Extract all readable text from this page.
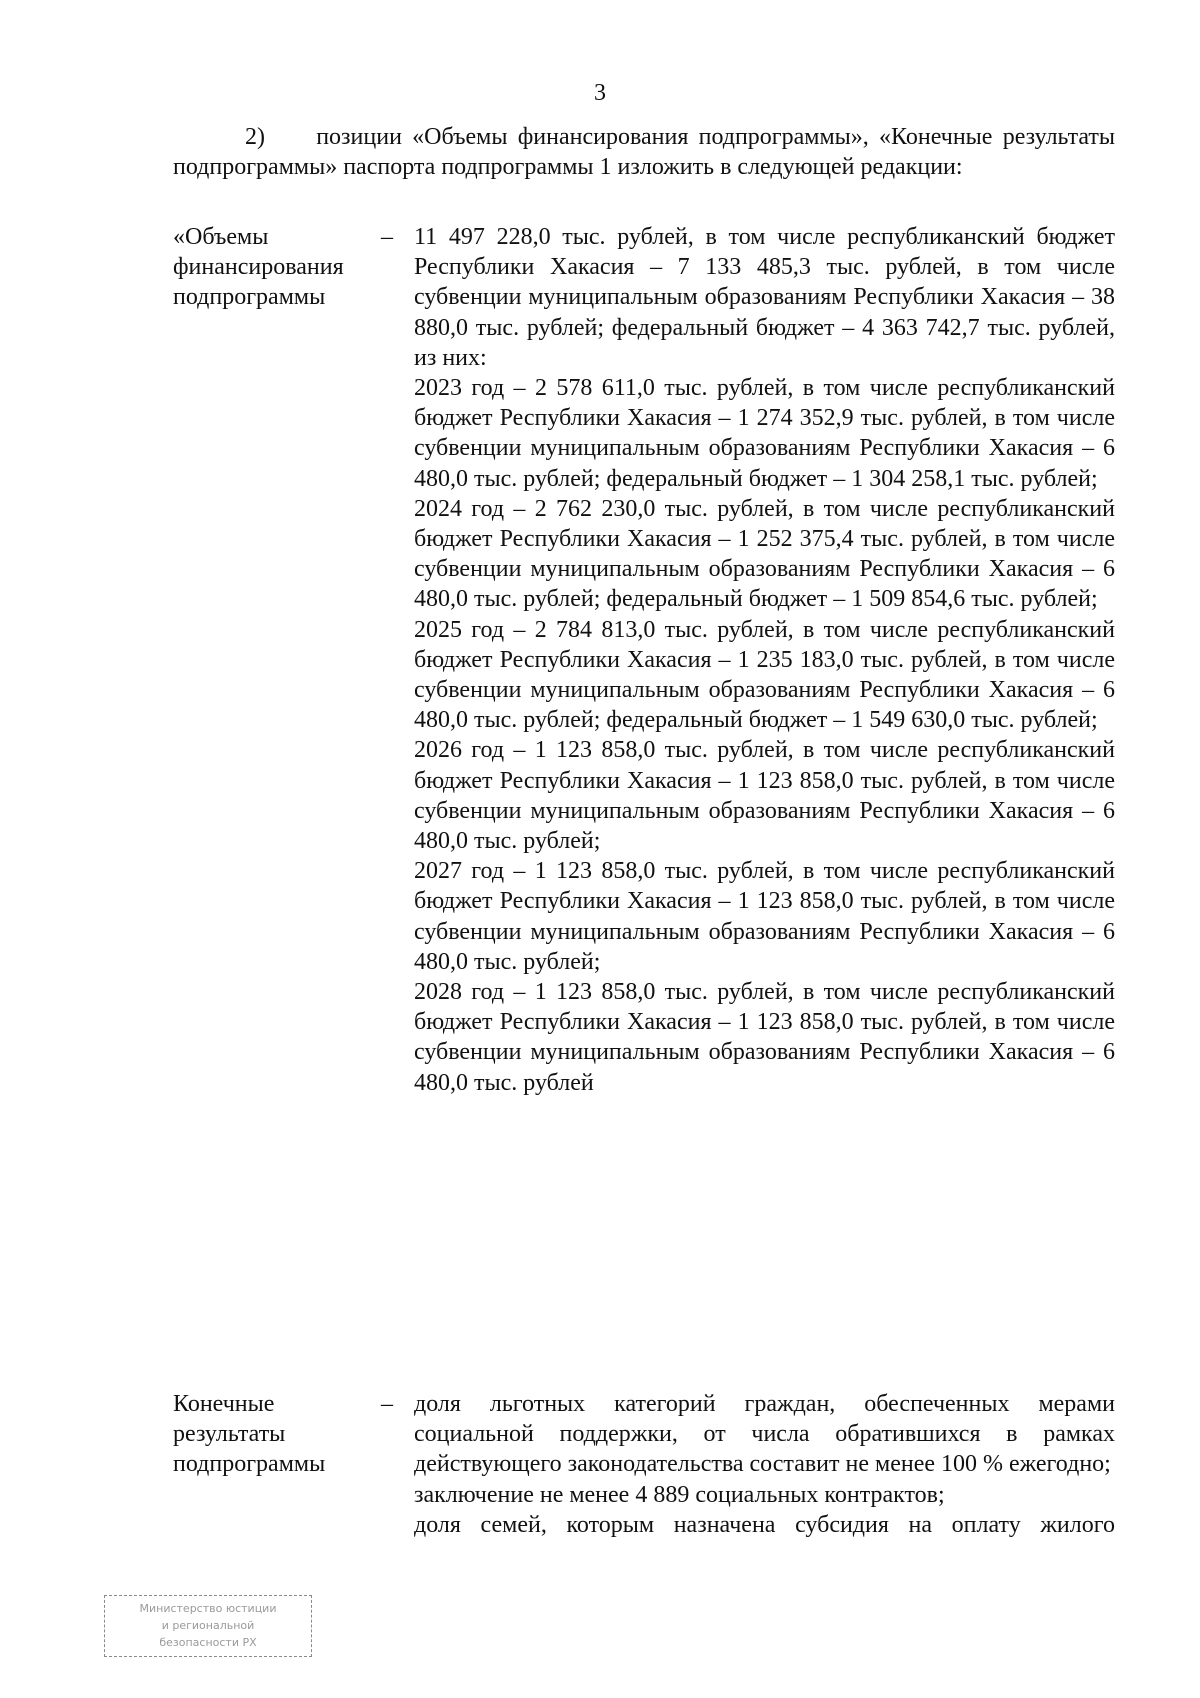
3
2)     позиции «Объемы финансирования подпрограммы», «Конечные результаты подпрограммы» паспорта подпрограммы 1 изложить в следующей редакции:
«Объемы
финансирования
подпрограммы
– 11 497 228,0 тыс. рублей, в том числе республиканский бюджет Республики Хакасия – 7 133 485,3 тыс. рублей, в том числе субвенции муниципальным образованиям Республики Хакасия – 38 880,0 тыс. рублей; федеральный бюджет – 4 363 742,7 тыс. рублей, из них:

2023 год – 2 578 611,0 тыс. рублей, в том числе республиканский бюджет Республики Хакасия – 1 274 352,9 тыс. рублей, в том числе субвенции муниципальным образованиям Республики Хакасия – 6 480,0 тыс. рублей; федеральный бюджет – 1 304 258,1 тыс. рублей;

2024 год – 2 762 230,0 тыс. рублей, в том числе республиканский бюджет Республики Хакасия – 1 252 375,4 тыс. рублей, в том числе субвенции муниципальным образованиям Республики Хакасия – 6 480,0 тыс. рублей; федеральный бюджет – 1 509 854,6 тыс. рублей;

2025 год – 2 784 813,0 тыс. рублей, в том числе республиканский бюджет Республики Хакасия – 1 235 183,0 тыс. рублей, в том числе субвенции муниципальным образованиям Республики Хакасия – 6 480,0 тыс. рублей; федеральный бюджет – 1 549 630,0 тыс. рублей;

2026 год – 1 123 858,0 тыс. рублей, в том числе республиканский бюджет Республики Хакасия – 1 123 858,0 тыс. рублей, в том числе субвенции муниципальным образованиям Республики Хакасия – 6 480,0 тыс. рублей;

2027 год – 1 123 858,0 тыс. рублей, в том числе республиканский бюджет Республики Хакасия – 1 123 858,0 тыс. рублей, в том числе субвенции муниципальным образованиям Республики Хакасия – 6 480,0 тыс. рублей;

2028 год – 1 123 858,0 тыс. рублей, в том числе республиканский бюджет Республики Хакасия – 1 123 858,0 тыс. рублей, в том числе субвенции муниципальным образованиям Республики Хакасия – 6 480,0 тыс. рублей

Конечные
результаты
подпрограммы
– доля льготных категорий граждан, обеспеченных мерами социальной поддержки, от числа обратившихся в рамках действующего законодательства составит не менее 100 % ежегодно;

заключение не менее 4 889 социальных контрактов;

доля семей, которым назначена субсидия на оплату жилого

Министерство юстиции
и региональной
безопасности РХ
